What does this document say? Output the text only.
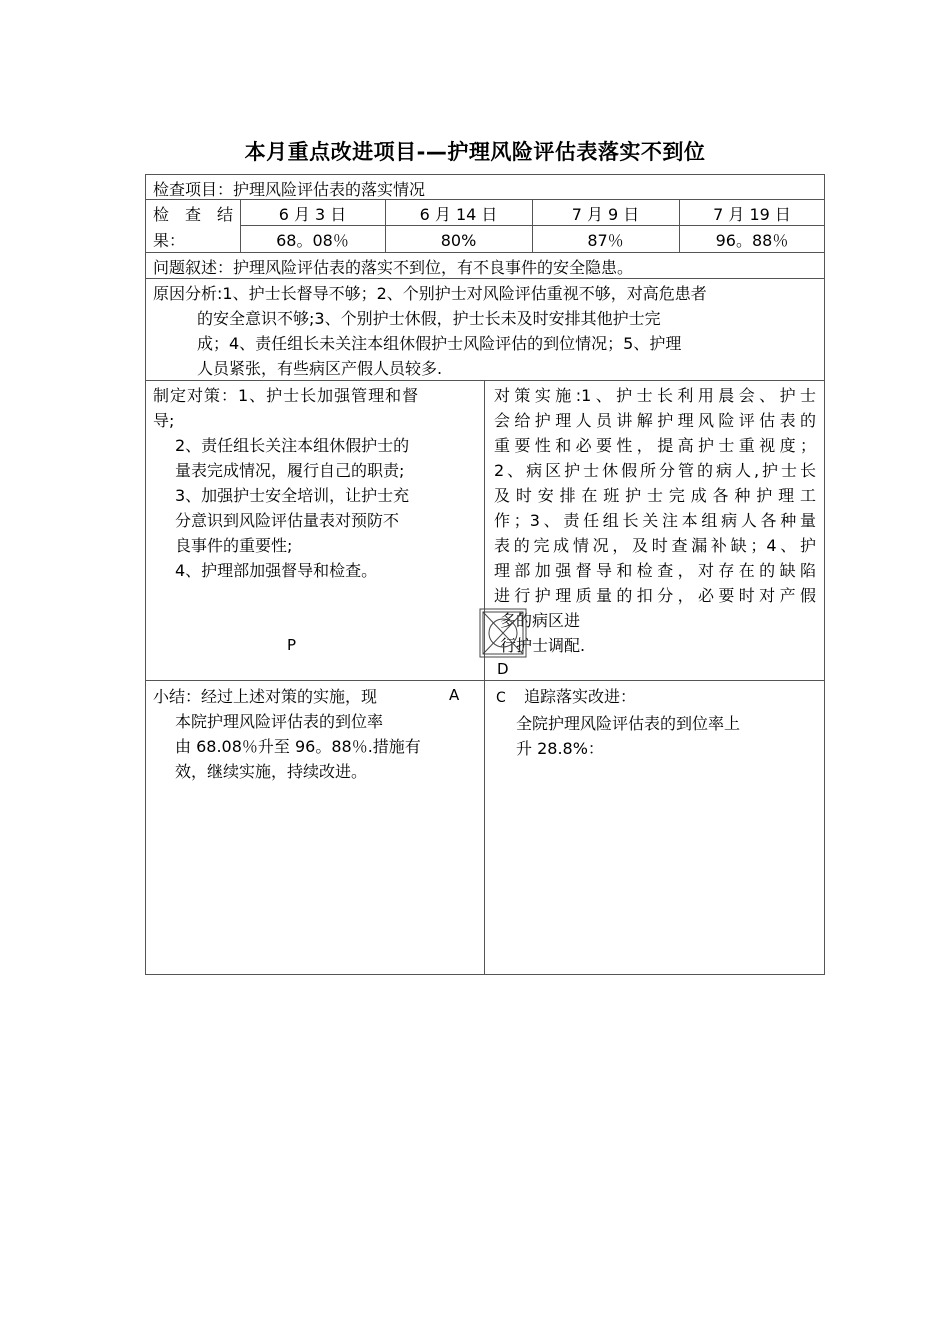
本月重点改进项目-—护理风险评估表落实不到位
检查项目：护理风险评估表的落实情况
检 查 结
果：
6 月 3 日	6 月 14 日	7 月 9 日	7 月 19 日
68。08％	80%	87％	96。88％
问题叙述：护理风险评估表的落实不到位，有不良事件的安全隐患。
原因分析:1、护士长督导不够；2、个别护士对风险评估重视不够，对高危患者
的安全意识不够;3、个别护士休假，护士长未及时安排其他护士完
成；4、责任组长未关注本组休假护士风险评估的到位情况；5、护理
人员紧张，有些病区产假人员较多.
制定对策：1、护士长加强管理和督
导;
2、责任组长关注本组休假护士的
量表完成情况，履行自己的职责;
3、加强护士安全培训，让护士充
分意识到风险评估量表对预防不
良事件的重要性;
4、护理部加强督导和检查。
P
对策实施:1、护士长利用晨会、护士
会给护理人员讲解护理风险评估表的
重要性和必要性，提高护士重视度；
2、病区护士休假所分管的病人,护士长
及时安排在班护士完成各种护理工
作；3、责任组长关注本组病人各种量
表的完成情况，及时查漏补缺；4、护
理部加强督导和检查，对存在的缺陷
进行护理质量的扣分，必要时对产假
多的病区进
行护士调配.
D
小结：经过上述对策的实施，现
本院护理风险评估表的到位率
由 68.08％升至 96。88％.措施有
效，继续实施，持续改进。
A	C 追踪落实改进：
全院护理风险评估表的到位率上
升 28.8%：
